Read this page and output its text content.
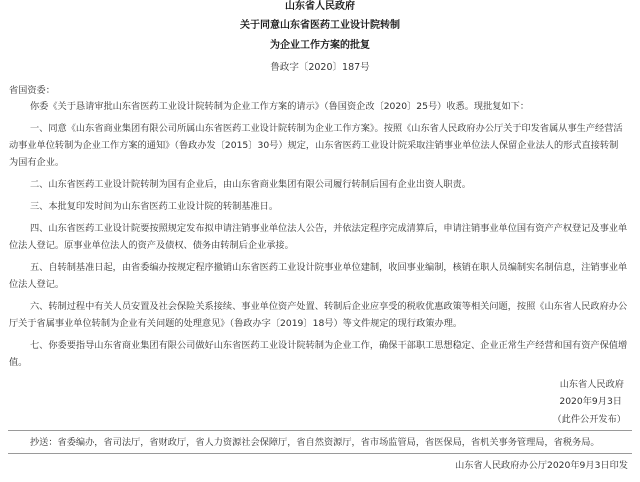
山东省人民政府
关于同意山东省医药工业设计院转制
为企业工作方案的批复
鲁政字〔2020〕187号
省国资委：
你委《关于恳请审批山东省医药工业设计院转制为企业工作方案的请示》（鲁国资企改〔2020〕25号）收悉。现批复如下：
一、同意《山东省商业集团有限公司所属山东省医药工业设计院转制为企业工作方案》。按照《山东省人民政府办公厅关于印发省属从事生产经营活
动事业单位转制为企业工作方案的通知》（鲁政办发〔2015〕30号）规定，山东省医药工业设计院采取注销事业单位法人保留企业法人的形式直接转制
为国有企业。
二、山东省医药工业设计院转制为国有企业后，由山东省商业集团有限公司履行转制后国有企业出资人职责。
三、本批复印发时间为山东省医药工业设计院的转制基准日。
四、山东省医药工业设计院要按照规定发布拟申请注销事业单位法人公告，并依法定程序完成清算后，申请注销事业单位国有资产产权登记及事业单
位法人登记。原事业单位法人的资产及债权、债务由转制后企业承接。
五、自转制基准日起，由省委编办按规定程序撤销山东省医药工业设计院事业单位建制，收回事业编制，核销在职人员编制实名制信息，注销事业单
位法人登记。
六、转制过程中有关人员安置及社会保险关系接续、事业单位资产处置、转制后企业应享受的税收优惠政策等相关问题，按照《山东省人民政府办公
厅关于省属事业单位转制为企业有关问题的处理意见》（鲁政办字〔2019〕18号）等文件规定的现行政策办理。
七、你委要指导山东省商业集团有限公司做好山东省医药工业设计院转制为企业工作，确保干部职工思想稳定、企业正常生产经营和国有资产保值增
值。
山东省人民政府
2020年9月3日
（此件公开发布）
抄送：省委编办，省司法厅，省财政厅，省人力资源社会保障厅，省自然资源厅，省市场监管局，省医保局，省机关事务管理局，省税务局。
山东省人民政府办公厅2020年9月3日印发
